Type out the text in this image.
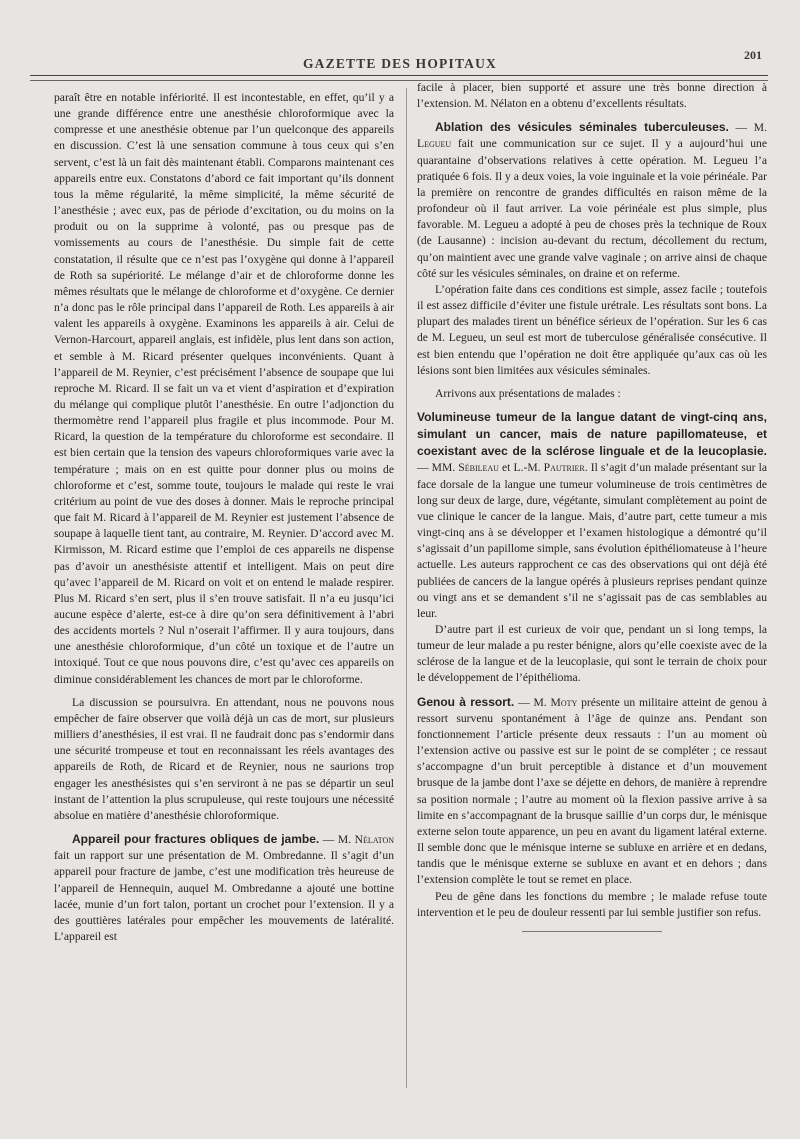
GAZETTE DES HOPITAUX
201

paraît être en notable infériorité. Il est incontestable, en effet, qu’il y a une grande différence entre une anesthésie chloroformique avec la compresse et une anesthésie obtenue par l’un quelconque des appareils en discussion. C’est là une sensation commune à tous ceux qui s’en servent, c’est là un fait dès maintenant établi. Comparons maintenant ces appareils entre eux. Constatons d’abord ce fait important qu’ils donnent tous la même régularité, la même simplicité, la même sécurité de l’anesthésie ; avec eux, pas de période d’excitation, ou du moins on la produit ou on la supprime à volonté, pas ou presque pas de vomissements au cours de l’anesthésie. Du simple fait de cette constatation, il résulte que ce n’est pas l’oxygène qui donne à l’appareil de Roth sa supériorité. Le mélange d’air et de chloroforme donne les mêmes résultats que le mélange de chloroforme et d’oxygène. Ce dernier n’a donc pas le rôle principal dans l’appareil de Roth. Les appareils à air valent les appareils à oxygène. Examinons les appareils à air. Celui de Vernon-Harcourt, appareil anglais, est infidèle, plus lent dans son action, et semble à M. Ricard présenter quelques inconvénients. Quant à l’appareil de M. Reynier, c’est précisément l’absence de soupape que lui reproche M. Ricard. Il se fait un va et vient d’aspiration et d’expiration du mélange qui complique plutôt l’anesthésie. En outre l’adjonction du thermomètre rend l’appareil plus fragile et plus incommode. Pour M. Ricard, la question de la température du chloroforme est secondaire. Il est bien certain que la tension des vapeurs chloroformiques varie avec la température ; mais on en est quitte pour donner plus ou moins de chloroforme et c’est, somme toute, toujours le malade qui reste le vrai critérium au point de vue des doses à donner. Mais le reproche principal que fait M. Ricard à l’appareil de M. Reynier est justement l’absence de soupape à laquelle tient tant, au contraire, M. Reynier. D’accord avec M. Kirmisson, M. Ricard estime que l’emploi de ces appareils ne dispense pas d’avoir un anesthésiste attentif et intelligent. Mais on peut dire qu’avec l’appareil de M. Ricard on voit et on entend le malade respirer. Plus M. Ricard s’en sert, plus il s’en trouve satisfait. Il n’a eu jusqu’ici aucune espèce d’alerte, est-ce à dire qu’on sera définitivement à l’abri des accidents mortels ? Nul n’oserait l’affirmer. Il y aura toujours, dans une anesthésie chloroformique, d’un côté un toxique et de l’autre un intoxiqué. Tout ce que nous pouvons dire, c’est qu’avec ces appareils on diminue considérablement les chances de mort par le chloroforme.

La discussion se poursuivra. En attendant, nous ne pouvons nous empêcher de faire observer que voilà déjà un cas de mort, sur plusieurs milliers d’anesthésies, il est vrai. Il ne faudrait donc pas s’endormir dans une sécurité trompeuse et tout en reconnaissant les réels avantages des appareils de Roth, de Ricard et de Reynier, nous ne saurions trop engager les anesthésistes qui s’en serviront à ne pas se départir un seul instant de l’attention la plus scrupuleuse, qui reste toujours une nécessité absolue en matière d’anesthésie chloroformique.

Appareil pour fractures obliques de jambe. — M. Nélaton fait un rapport sur une présentation de M. Ombredanne. Il s’agit d’un appareil pour fracture de jambe, c’est une modification très heureuse de l’appareil de Hennequin, auquel M. Ombredanne a ajouté une bottine lacée, munie d’un fort talon, portant un crochet pour l’extension. Il y a des gouttières latérales pour empêcher les mouvements de latéralité. L’appareil est

facile à placer, bien supporté et assure une très bonne direction à l’extension. M. Nélaton en a obtenu d’excellents résultats.

Ablation des vésicules séminales tuberculeuses. — M. Legueu fait une communication sur ce sujet. Il y a aujourd’hui une quarantaine d’observations relatives à cette opération. M. Legueu l’a pratiquée 6 fois. Il y a deux voies, la voie inguinale et la voie périnéale. Par la première on rencontre de grandes difficultés en raison même de la profondeur où il faut arriver. La voie périnéale est plus simple, plus favorable. M. Legueu a adopté à peu de choses près la technique de Roux (de Lausanne) : incision au-devant du rectum, décollement du rectum, qu’on maintient avec une grande valve vaginale ; on arrive ainsi de chaque côté sur les vésicules séminales, on draine et on referme.

L’opération faite dans ces conditions est simple, assez facile ; toutefois il est assez difficile d’éviter une fistule urétrale. Les résultats sont bons. La plupart des malades tirent un bénéfice sérieux de l’opération. Sur les 6 cas de M. Legueu, un seul est mort de tuberculose généralisée consécutive. Il est bien entendu que l’opération ne doit être appliquée qu’aux cas où les lésions sont bien limitées aux vésicules séminales.

Arrivons aux présentations de malades :

Volumineuse tumeur de la langue datant de vingt-cinq ans, simulant un cancer, mais de nature papillomateuse, et coexistant avec de la sclérose linguale et de la leucoplasie. — MM. Sébileau et L.-M. Pautrier. Il s’agit d’un malade présentant sur la face dorsale de la langue une tumeur volumineuse de trois centimètres de long sur deux de large, dure, végétante, simulant complètement au point de vue clinique le cancer de la langue. Mais, d’autre part, cette tumeur a mis vingt-cinq ans à se développer et l’examen histologique a démontré qu’il s’agissait d’un papillome simple, sans évolution épithéliomateuse à l’heure actuelle. Les auteurs rapprochent ce cas des observations qui ont déjà été publiées de cancers de la langue opérés à plusieurs reprises pendant quinze ou vingt ans et se demandent s’il ne s’agissait pas de cas semblables au leur.

D’autre part il est curieux de voir que, pendant un si long temps, la tumeur de leur malade a pu rester bénigne, alors qu’elle coexiste avec de la sclérose de la langue et de la leucoplasie, qui sont le terrain de choix pour le développement de l’épithélioma.

Genou à ressort. — M. Moty présente un militaire atteint de genou à ressort survenu spontanément à l’âge de quinze ans. Pendant son fonctionnement l’article présente deux ressauts : l’un au moment où l’extension active ou passive est sur le point de se compléter ; ce ressaut s’accompagne d’un bruit perceptible à distance et d’un mouvement brusque de la jambe dont l’axe se déjette en dehors, de manière à reprendre sa position normale ; l’autre au moment où la flexion passive arrive à sa limite en s’accompagnant de la brusque saillie d’un corps dur, le ménisque externe selon toute apparence, un peu en avant du ligament latéral externe. Il semble donc que le ménisque interne se subluxe en arrière et en dedans, tandis que le ménisque externe se subluxe en avant et en dehors ; dans l’extension complète le tout se remet en place.

Peu de gêne dans les fonctions du membre ; le malade refuse toute intervention et le peu de douleur ressenti par lui semble justifier son refus.
